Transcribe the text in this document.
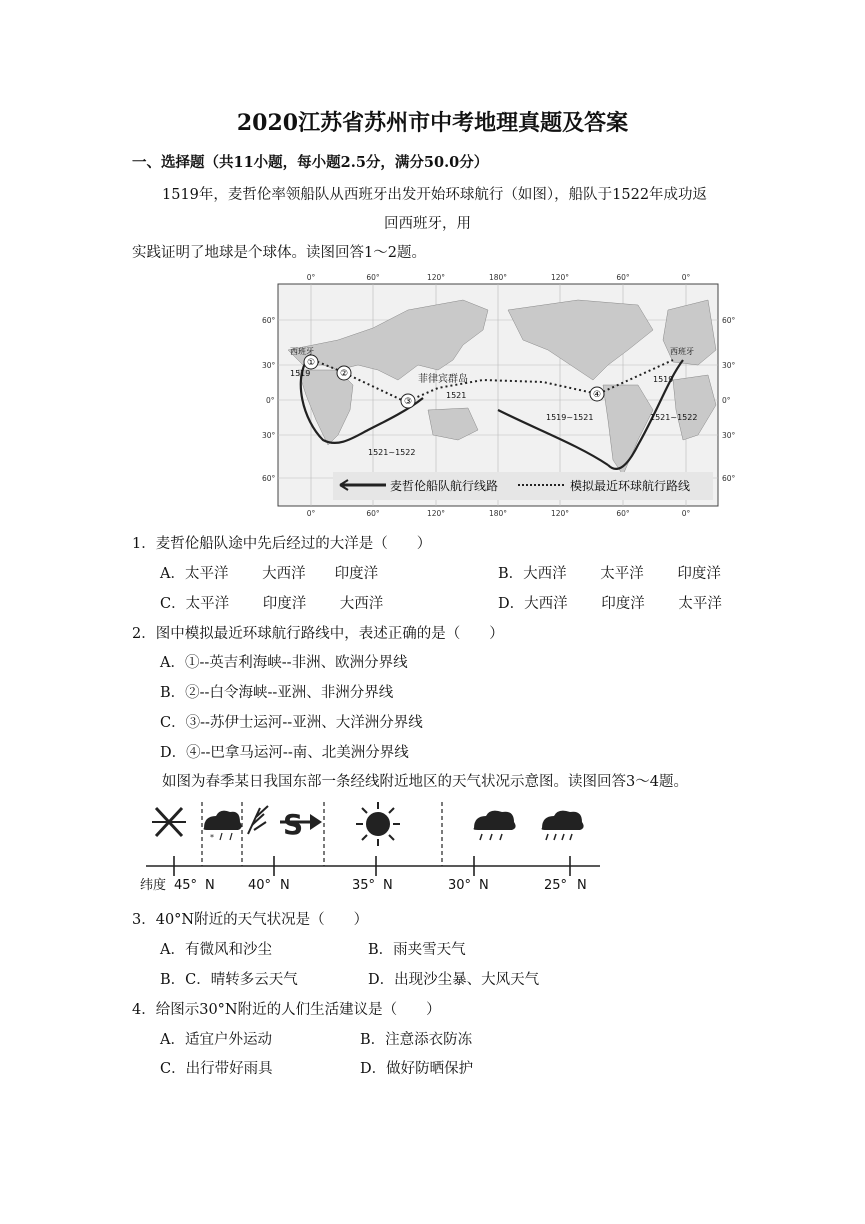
2020江苏省苏州市中考地理真题及答案
一、选择题（共11小题，每小题2.5分，满分50.0分）
1519年，麦哲伦率领船队从西班牙出发开始环球航行（如图），船队于1522年成功返
回西班牙，用
实践证明了地球是个球体。读图回答1～2题。
①
②
③
④
西班牙	西班牙
菲律宾群岛
1519
1521
1521~1522
1519~1521	1521~1522
1519
0°	60°	120°	180°	120°	60°	0°
0°	60°	120°	180°	120°	60°	0°
60°
30°
0°
30°
60°
60°
30°
0°
30°
60°
麦哲伦船队航行线路	模拟最近环球航行路线
1．麦哲伦船队途中先后经过的大洋是（　　）
A．太平洋　　 大西洋　　印度洋	B．大西洋　　 太平洋　　 印度洋
C．太平洋　　 印度洋　　 大西洋	D．大西洋　　 印度洋　　 太平洋
2．图中模拟最近环球航行路线中，表述正确的是（　　）
A．①--英吉利海峡--非洲、欧洲分界线
B．②--白令海峡--亚洲、非洲分界线
C．③--苏伊士运河--亚洲、大洋洲分界线
D．④--巴拿马运河--南、北美洲分界线
如图为春季某日我国东部一条经线附近地区的天气状况示意图。读图回答3～4题。
* S
纬度 45° N	40° N	35° N	30° N	25° N
3．40°N附近的天气状况是（　　）
A．有微风和沙尘	B．雨夹雪天气
B．C．晴转多云天气	D．出现沙尘暴、大风天气
4．给图示30°N附近的人们生活建议是（　　）
A．适宜户外运动	B．注意添衣防冻
C．出行带好雨具	D．做好防晒保护
